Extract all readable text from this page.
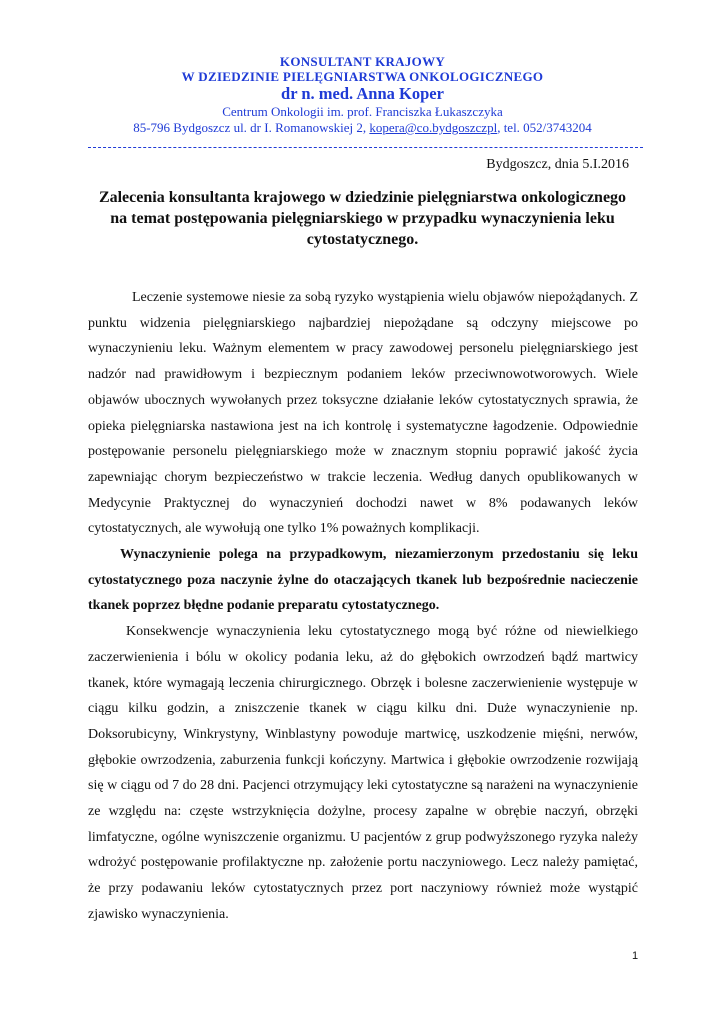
KONSULTANT KRAJOWY
W DZIEDZINIE PIELĘGNIARSTWA ONKOLOGICZNEGO
dr n. med. Anna Koper
Centrum Onkologii im. prof. Franciszka Łukaszczyka
85-796 Bydgoszcz ul. dr I. Romanowskiej 2, kopera@co.bydgoszczpl, tel. 052/3743204
Bydgoszcz, dnia 5.I.2016
Zalecenia konsultanta krajowego w dziedzinie pielęgniarstwa onkologicznego na temat postępowania pielęgniarskiego w przypadku wynaczynienia leku cytostatycznego.

Leczenie systemowe niesie za sobą ryzyko wystąpienia wielu objawów niepożądanych. Z punktu widzenia pielęgniarskiego najbardziej niepożądane są odczyny miejscowe po wynaczynieniu leku. Ważnym elementem w pracy zawodowej personelu pielęgniarskiego jest nadzór nad prawidłowym i bezpiecznym podaniem leków przeciwnowotworowych. Wiele objawów ubocznych wywołanych przez toksyczne działanie leków cytostatycznych sprawia, że opieka pielęgniarska nastawiona jest na ich kontrolę i systematyczne łagodzenie. Odpowiednie postępowanie personelu pielęgniarskiego może w znacznym stopniu poprawić jakość życia zapewniając chorym bezpieczeństwo w trakcie leczenia. Według danych opublikowanych w Medycynie Praktycznej do wynaczynień dochodzi nawet w 8% podawanych leków cytostatycznych, ale wywołują one tylko 1% poważnych komplikacji.

Wynaczynienie polega na przypadkowym, niezamierzonym przedostaniu się leku cytostatycznego poza naczynie żylne do otaczających tkanek lub bezpośrednie nacieczenie tkanek poprzez błędne podanie preparatu cytostatycznego.

Konsekwencje wynaczynienia leku cytostatycznego mogą być różne od niewielkiego zaczerwienienia i bólu w okolicy podania leku, aż do głębokich owrzodzeń bądź martwicy tkanek, które wymagają leczenia chirurgicznego. Obrzęk i bolesne zaczerwienienie występuje w ciągu kilku godzin, a zniszczenie tkanek w ciągu kilku dni. Duże wynaczynienie np. Doksorubicyny, Winkrystyny, Winblastyny powoduje martwicę, uszkodzenie mięśni, nerwów, głębokie owrzodzenia, zaburzenia funkcji kończyny. Martwica i głębokie owrzodzenie rozwijają się w ciągu od 7 do 28 dni. Pacjenci otrzymujący leki cytostatyczne są narażeni na wynaczynienie ze względu na: częste wstrzyknięcia dożylne, procesy zapalne w obrębie naczyń, obrzęki limfatyczne, ogólne wyniszczenie organizmu. U pacjentów z grup podwyższonego ryzyka należy wdrożyć postępowanie profilaktyczne np. założenie portu naczyniowego. Lecz należy pamiętać, że przy podawaniu leków cytostatycznych przez port naczyniowy również może wystąpić zjawisko wynaczynienia.

1
